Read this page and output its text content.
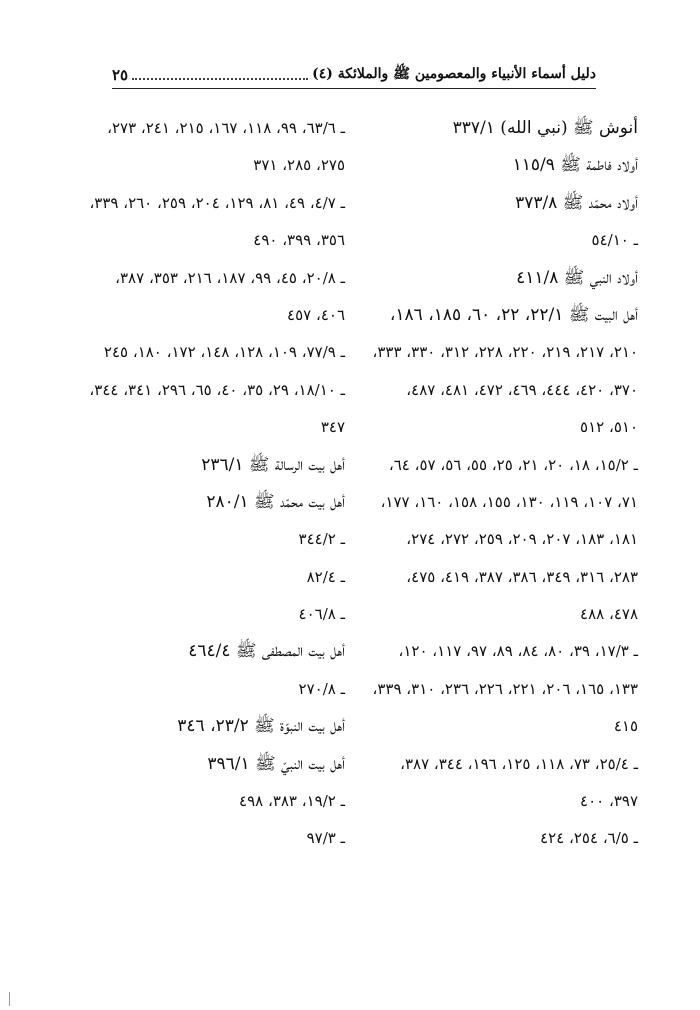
دليل أسماء الأنبياء والمعصومين ﷺ والملائكة (٤)
٢٥
أنوش ﷺ (نبي الله) ٣٣٧/١
أولاد فاطمة ﷺ ١١٥/٩
أولاد محمّد ﷺ ٣٧٣/٨
ـ ٥٤/١٠
أولاد النبي ﷺ ٤١١/٨
أهل البيت ﷺ ٢٢/١، ٢٢، ٦٠، ١٨٥، ١٨٦،
٢١٠، ٢١٧، ٢١٩، ٢٢٠، ٢٢٨، ٣١٢، ٣٣٠، ٣٣٣،
٣٧٠، ٤٢٠، ٤٤٤، ٤٦٩، ٤٧٢، ٤٨١، ٤٨٧،
٥١٠، ٥١٢
ـ ١٥/٢، ١٨، ٢٠، ٢١، ٢٥، ٥٥، ٥٦، ٥٧، ٦٤،
٧١، ١٠٧، ١١٩، ١٣٠، ١٥٥، ١٥٨، ١٦٠، ١٧٧،
١٨١، ١٨٣، ٢٠٧، ٢٠٩، ٢٥٩، ٢٧٢، ٢٧٤،
٢٨٣، ٣١٦، ٣٤٩، ٣٨٦، ٣٨٧، ٤١٩، ٤٧٥،
٤٧٨، ٤٨٨
ـ ١٧/٣، ٣٩، ٨٠، ٨٤، ٨٩، ٩٧، ١١٧، ١٢٠،
١٣٣، ١٦٥، ٢٠٦، ٢٢١، ٢٢٦، ٢٣٦، ٣١٠، ٣٣٩،
٤١٥
ـ ٢٥/٤، ٧٣، ١١٨، ١٢٥، ١٩٦، ٣٤٤، ٣٨٧،
٣٩٧، ٤٠٠
ـ ٦/٥، ٢٥٤، ٤٢٤
ـ ٦٣/٦، ٩٩، ١١٨، ١٦٧، ٢١٥، ٢٤١، ٢٧٣،
٢٧٥، ٢٨٥، ٣٧١
ـ ٤/٧، ٤٩، ٨١، ١٢٩، ٢٠٤، ٢٥٩، ٢٦٠، ٣٣٩،
٣٥٦، ٣٩٩، ٤٩٠
ـ ٢٠/٨، ٤٥، ٩٩، ١٨٧، ٢١٦، ٣٥٣، ٣٨٧،
٤٠٦، ٤٥٧
ـ ٧٧/٩، ١٠٩، ١٢٨، ١٤٨، ١٧٢، ١٨٠، ٢٤٥
ـ ١٨/١٠، ٢٩، ٣٥، ٤٠، ٦٥، ٢٩٦، ٣٤١، ٣٤٤،
٣٤٧
أهل بيت الرسالة ﷺ ٢٣٦/١
أهل بيت محمّد ﷺ ٢٨٠/١
ـ ٣٤٤/٢
ـ ٨٢/٤
ـ ٤٠٦/٨
أهل بيت المصطفى ﷺ ٤٦٤/٤
ـ ٢٧٠/٨
أهل بيت النبوّة ﷺ ٢٣/٢، ٣٤٦
أهل بيت النبيّ ﷺ ٣٩٦/١
ـ ١٩/٢، ٣٨٣، ٤٩٨
ـ ٩٧/٣
